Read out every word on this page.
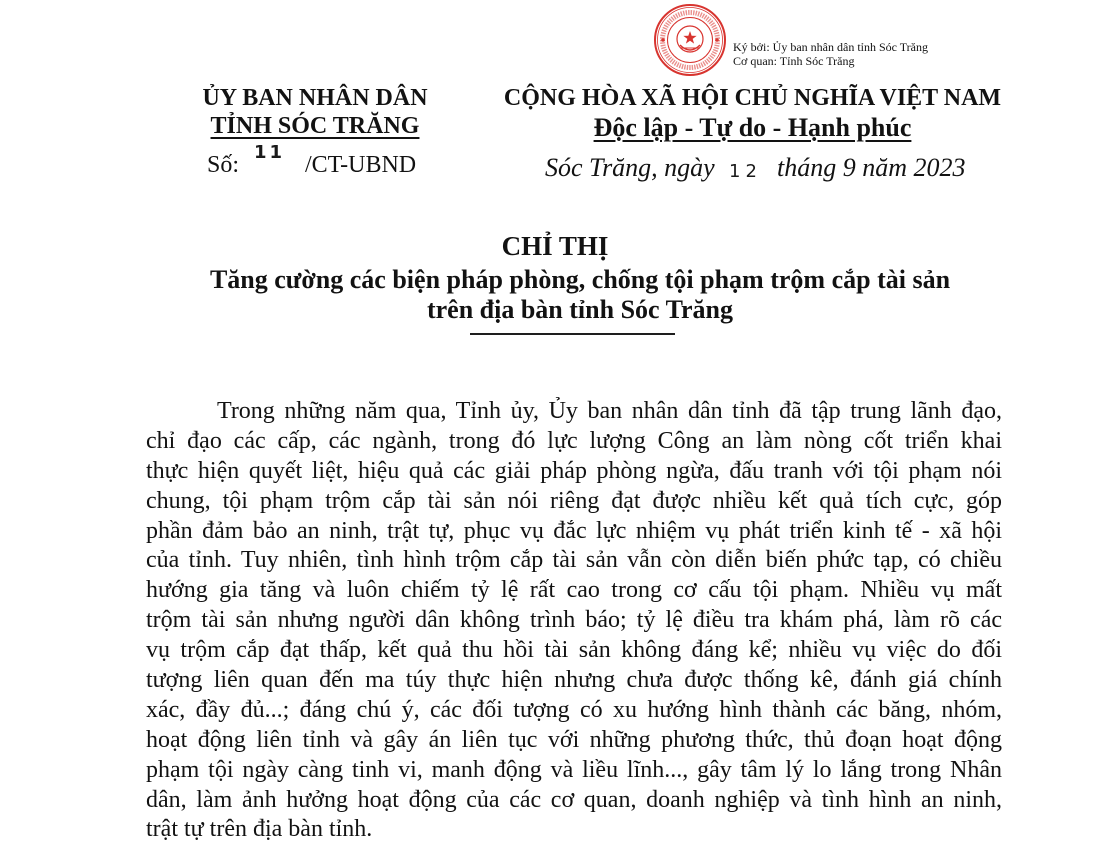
Ký bởi: Ủy ban nhân dân tỉnh Sóc Trăng
Cơ quan: Tỉnh Sóc Trăng
ỦY BAN NHÂN DÂN
TỈNH SÓC TRĂNG
Số: 11 /CT-UBND
CỘNG HÒA XÃ HỘI CHỦ NGHĨA VIỆT NAM
Độc lập - Tự do - Hạnh phúc
Sóc Trăng, ngày 12 tháng 9 năm 2023
CHỈ THỊ
Tăng cường các biện pháp phòng, chống tội phạm trộm cắp tài sản
trên địa bàn tỉnh Sóc Trăng
Trong những năm qua, Tỉnh ủy, Ủy ban nhân dân tỉnh đã tập trung lãnh đạo,
chỉ đạo các cấp, các ngành, trong đó lực lượng Công an làm nòng cốt triển khai
thực hiện quyết liệt, hiệu quả các giải pháp phòng ngừa, đấu tranh với tội phạm nói
chung, tội phạm trộm cắp tài sản nói riêng đạt được nhiều kết quả tích cực, góp
phần đảm bảo an ninh, trật tự, phục vụ đắc lực nhiệm vụ phát triển kinh tế - xã hội
của tỉnh. Tuy nhiên, tình hình trộm cắp tài sản vẫn còn diễn biến phức tạp, có chiều
hướng gia tăng và luôn chiếm tỷ lệ rất cao trong cơ cấu tội phạm. Nhiều vụ mất
trộm tài sản nhưng người dân không trình báo; tỷ lệ điều tra khám phá, làm rõ các
vụ trộm cắp đạt thấp, kết quả thu hồi tài sản không đáng kể; nhiều vụ việc do đối
tượng liên quan đến ma túy thực hiện nhưng chưa được thống kê, đánh giá chính
xác, đầy đủ...; đáng chú ý, các đối tượng có xu hướng hình thành các băng, nhóm,
hoạt động liên tỉnh và gây án liên tục với những phương thức, thủ đoạn hoạt động
phạm tội ngày càng tinh vi, manh động và liều lĩnh..., gây tâm lý lo lắng trong Nhân
dân, làm ảnh hưởng hoạt động của các cơ quan, doanh nghiệp và tình hình an ninh,
trật tự trên địa bàn tỉnh.
